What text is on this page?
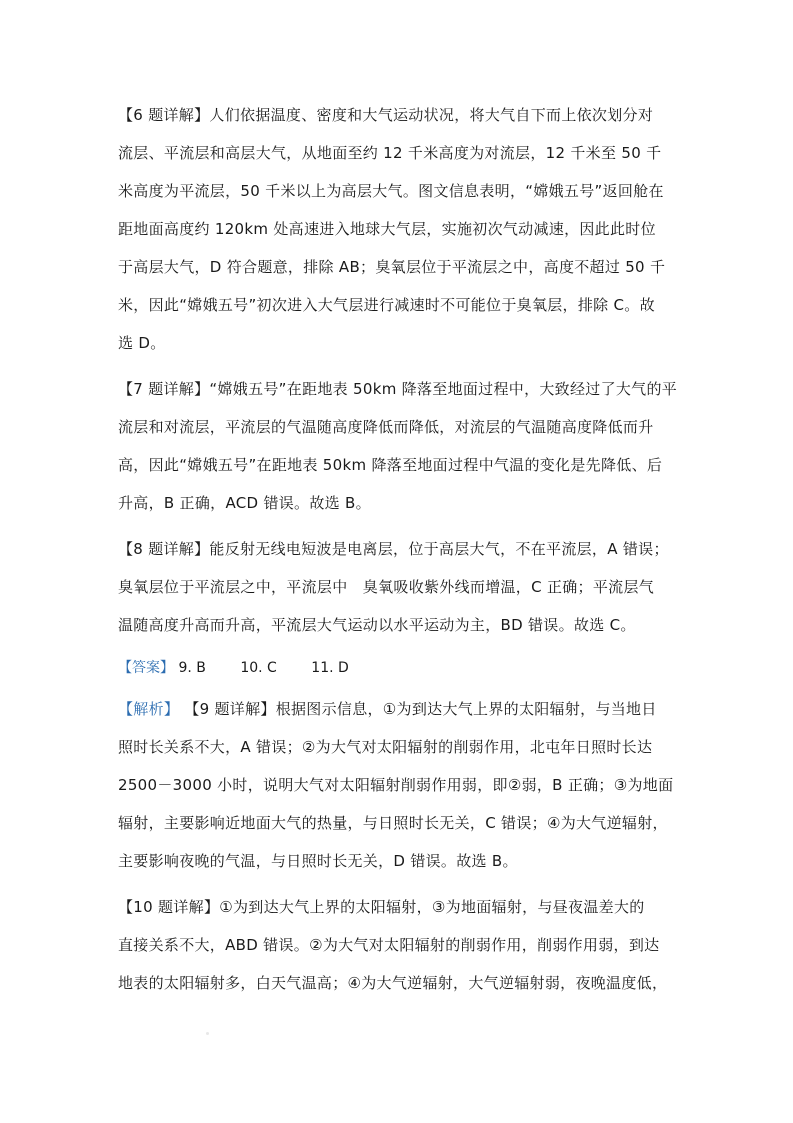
【6 题详解】人们依据温度、密度和大气运动状况，将大气自下而上依次划分对
流层、平流层和高层大气，从地面至约 12 千米高度为对流层，12 千米至 50 千
米高度为平流层，50 千米以上为高层大气。图文信息表明，“嫦娥五号”返回舱在
距地面高度约 120km 处高速进入地球大气层，实施初次气动减速，因此此时位
于高层大气，D 符合题意，排除 AB；臭氧层位于平流层之中，高度不超过 50 千
米，因此“嫦娥五号”初次进入大气层进行减速时不可能位于臭氧层，排除 C。故
选 D。
【7 题详解】“嫦娥五号”在距地表 50km 降落至地面过程中，大致经过了大气的平
流层和对流层，平流层的气温随高度降低而降低，对流层的气温随高度降低而升
高，因此“嫦娥五号”在距地表 50km 降落至地面过程中气温的变化是先降低、后
升高，B 正确，ACD 错误。故选 B。
【8 题详解】能反射无线电短波是电离层，位于高层大气，不在平流层，A 错误；
臭氧层位于平流层之中，平流层中　臭氧吸收紫外线而增温，C 正确；平流层气
温随高度升高而升高，平流层大气运动以水平运动为主，BD 错误。故选 C。
【答案】 9. B 10. C 11. D
【解析】 【9 题详解】根据图示信息，①为到达大气上界的太阳辐射，与当地日
照时长关系不大，A 错误；②为大气对太阳辐射的削弱作用，北屯年日照时长达
2500－3000 小时，说明大气对太阳辐射削弱作用弱，即②弱，B 正确；③为地面
辐射，主要影响近地面大气的热量，与日照时长无关，C 错误；④为大气逆辐射，
主要影响夜晚的气温，与日照时长无关，D 错误。故选 B。
【10 题详解】①为到达大气上界的太阳辐射，③为地面辐射，与昼夜温差大的
直接关系不大，ABD 错误。②为大气对太阳辐射的削弱作用，削弱作用弱，到达
地表的太阳辐射多，白天气温高；④为大气逆辐射，大气逆辐射弱，夜晚温度低，
